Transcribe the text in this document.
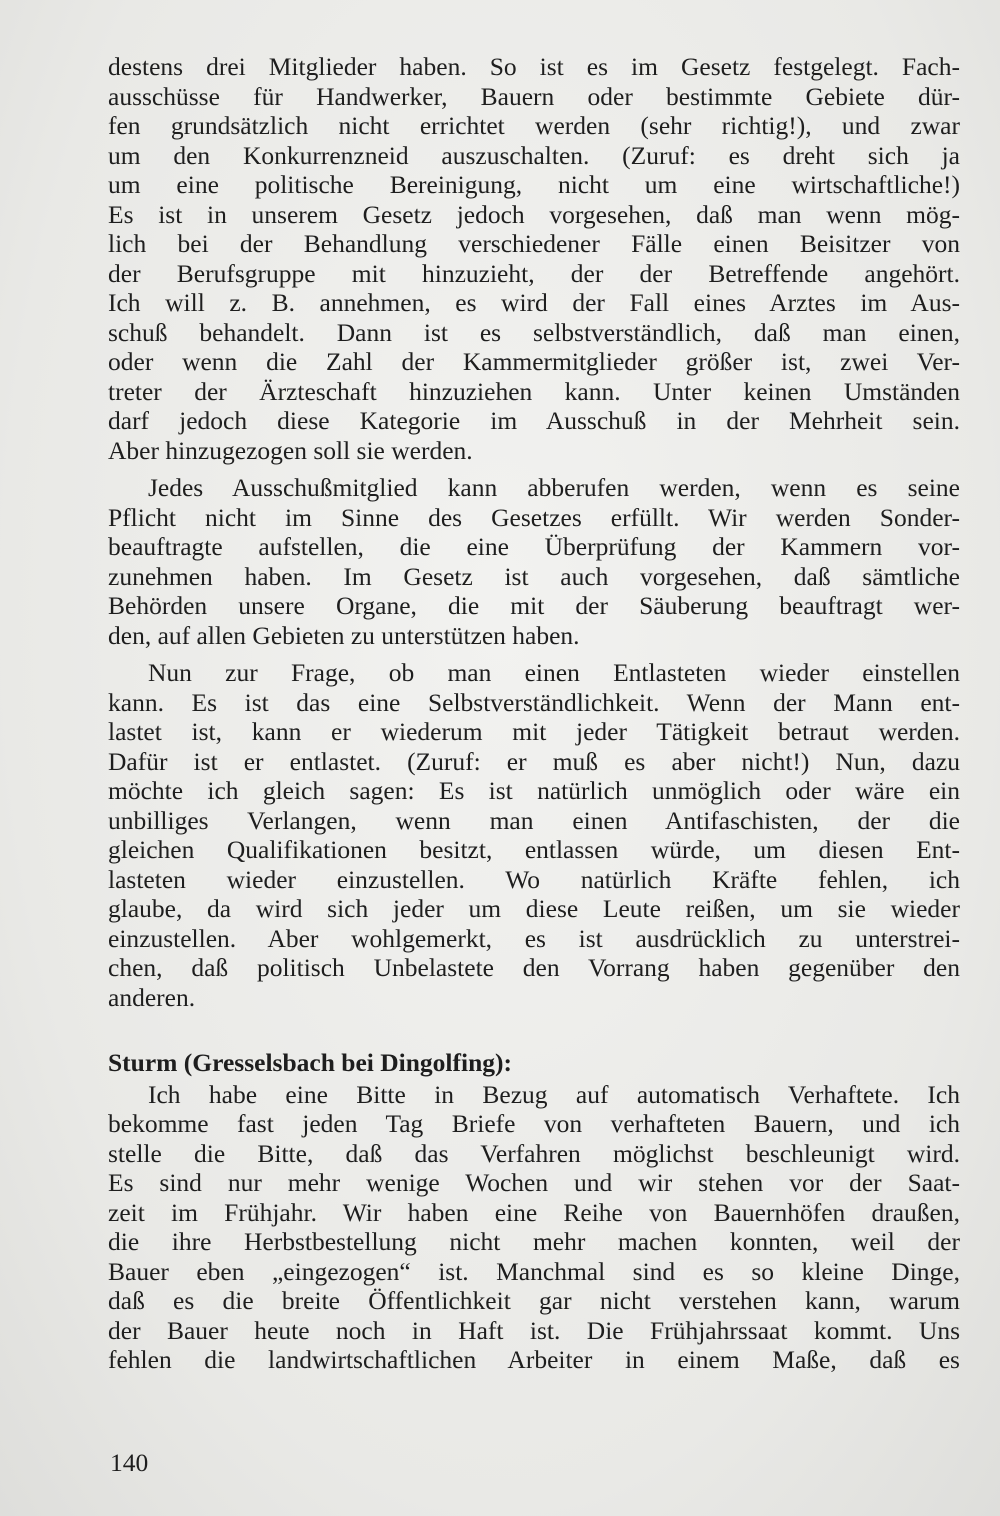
destens drei Mitglieder haben. So ist es im Gesetz festgelegt. Fach-
ausschüsse für Handwerker, Bauern oder bestimmte Gebiete dür-
fen grundsätzlich nicht errichtet werden (sehr richtig!), und zwar
um den Konkurrenzneid auszuschalten. (Zuruf: es dreht sich ja
um eine politische Bereinigung, nicht um eine wirtschaftliche!)
Es ist in unserem Gesetz jedoch vorgesehen, daß man wenn mög-
lich bei der Behandlung verschiedener Fälle einen Beisitzer von
der Berufsgruppe mit hinzuzieht, der der Betreffende angehört.
Ich will z. B. annehmen, es wird der Fall eines Arztes im Aus-
schuß behandelt. Dann ist es selbstverständlich, daß man einen,
oder wenn die Zahl der Kammermitglieder größer ist, zwei Ver-
treter der Ärzteschaft hinzuziehen kann. Unter keinen Umständen
darf jedoch diese Kategorie im Ausschuß in der Mehrheit sein.
Aber hinzugezogen soll sie werden.
Jedes Ausschußmitglied kann abberufen werden, wenn es seine
Pflicht nicht im Sinne des Gesetzes erfüllt. Wir werden Sonder-
beauftragte aufstellen, die eine Überprüfung der Kammern vor-
zunehmen haben. Im Gesetz ist auch vorgesehen, daß sämtliche
Behörden unsere Organe, die mit der Säuberung beauftragt wer-
den, auf allen Gebieten zu unterstützen haben.
Nun zur Frage, ob man einen Entlasteten wieder einstellen
kann. Es ist das eine Selbstverständlichkeit. Wenn der Mann ent-
lastet ist, kann er wiederum mit jeder Tätigkeit betraut werden.
Dafür ist er entlastet. (Zuruf: er muß es aber nicht!) Nun, dazu
möchte ich gleich sagen: Es ist natürlich unmöglich oder wäre ein
unbilliges Verlangen, wenn man einen Antifaschisten, der die
gleichen Qualifikationen besitzt, entlassen würde, um diesen Ent-
lasteten wieder einzustellen. Wo natürlich Kräfte fehlen, ich
glaube, da wird sich jeder um diese Leute reißen, um sie wieder
einzustellen. Aber wohlgemerkt, es ist ausdrücklich zu unterstrei-
chen, daß politisch Unbelastete den Vorrang haben gegenüber den
anderen.
Sturm (Gresselsbach bei Dingolfing):
Ich habe eine Bitte in Bezug auf automatisch Verhaftete. Ich
bekomme fast jeden Tag Briefe von verhafteten Bauern, und ich
stelle die Bitte, daß das Verfahren möglichst beschleunigt wird.
Es sind nur mehr wenige Wochen und wir stehen vor der Saat-
zeit im Frühjahr. Wir haben eine Reihe von Bauernhöfen draußen,
die ihre Herbstbestellung nicht mehr machen konnten, weil der
Bauer eben „eingezogen“ ist. Manchmal sind es so kleine Dinge,
daß es die breite Öffentlichkeit gar nicht verstehen kann, warum
der Bauer heute noch in Haft ist. Die Frühjahrssaat kommt. Uns
fehlen die landwirtschaftlichen Arbeiter in einem Maße, daß es
140
